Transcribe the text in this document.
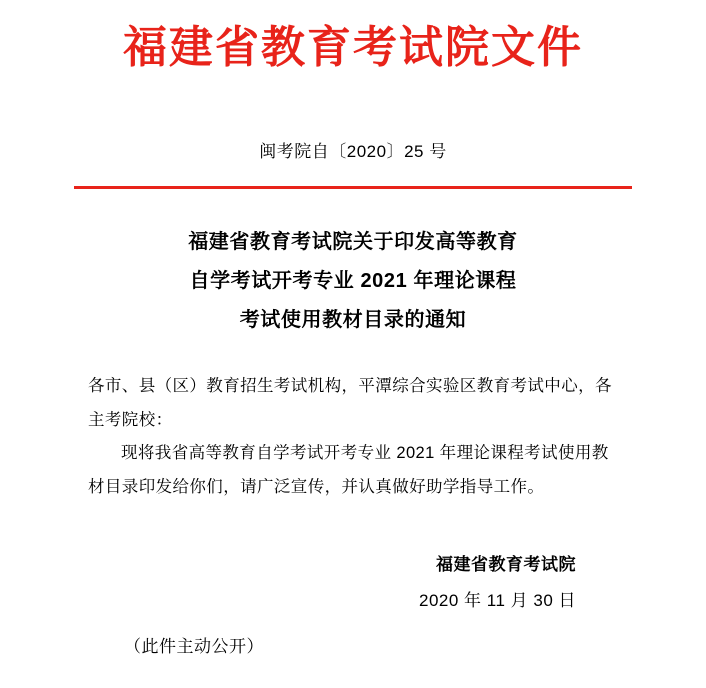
福建省教育考试院文件
闽考院自〔2020〕25 号
福建省教育考试院关于印发高等教育
自学考试开考专业 2021 年理论课程
考试使用教材目录的通知

各市、县（区）教育招生考试机构，平潭综合实验区教育考试中心，各主考院校：

现将我省高等教育自学考试开考专业 2021 年理论课程考试使用教材目录印发给你们，请广泛宣传，并认真做好助学指导工作。

福建省教育考试院
2020 年 11 月 30 日
（此件主动公开）
